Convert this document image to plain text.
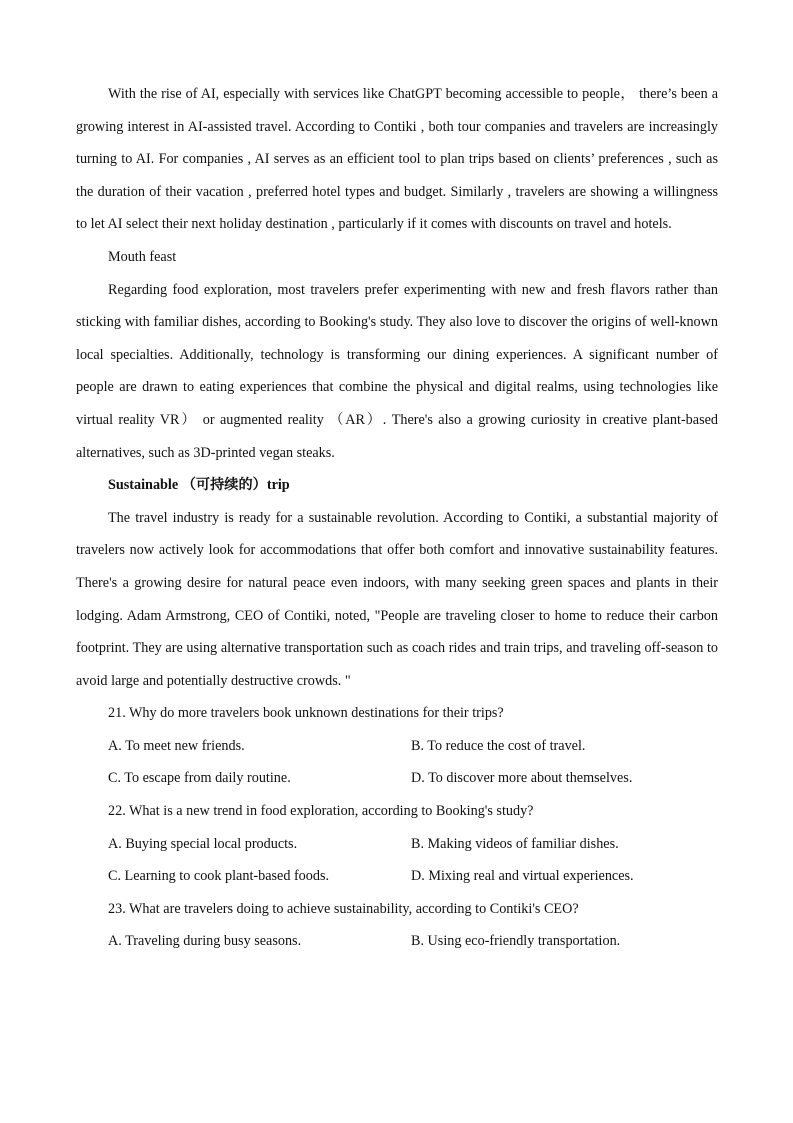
With the rise of AI, especially with services like ChatGPT becoming accessible to people， there’s been a growing interest in AI-assisted travel. According to Contiki , both tour companies and travelers are increasingly turning to AI. For companies , AI serves as an efficient tool to plan trips based on clients’ preferences , such as the duration of their vacation , preferred hotel types and budget. Similarly , travelers are showing a willingness to let AI select their next holiday destination , particularly if it comes with discounts on travel and hotels.

Mouth feast

Regarding food exploration, most travelers prefer experimenting with new and fresh flavors rather than sticking with familiar dishes, according to Booking's study. They also love to discover the origins of well-known local specialties. Additionally, technology is transforming our dining experiences. A significant number of people are drawn to eating experiences that combine the physical and digital realms, using technologies like virtual reality VR） or augmented reality （AR）. There's also a growing curiosity in creative plant-based alternatives, such as 3D-printed vegan steaks.

Sustainable （可持续的）trip

The travel industry is ready for a sustainable revolution. According to Contiki, a substantial majority of travelers now actively look for accommodations that offer both comfort and innovative sustainability features. There's a growing desire for natural peace even indoors, with many seeking green spaces and plants in their lodging. Adam Armstrong, CEO of Contiki, noted, "People are traveling closer to home to reduce their carbon footprint. They are using alternative transportation such as coach rides and train trips, and traveling off-season to avoid large and potentially destructive crowds. "

21. Why do more travelers book unknown destinations for their trips?

A. To meet new friends.	B. To reduce the cost of travel.
C. To escape from daily routine.	D. To discover more about themselves.

22. What is a new trend in food exploration, according to Booking's study?

A. Buying special local products.	B. Making videos of familiar dishes.
C. Learning to cook plant-based foods.	D. Mixing real and virtual experiences.

23. What are travelers doing to achieve sustainability, according to Contiki's CEO?

A. Traveling during busy seasons.	B. Using eco-friendly transportation.
